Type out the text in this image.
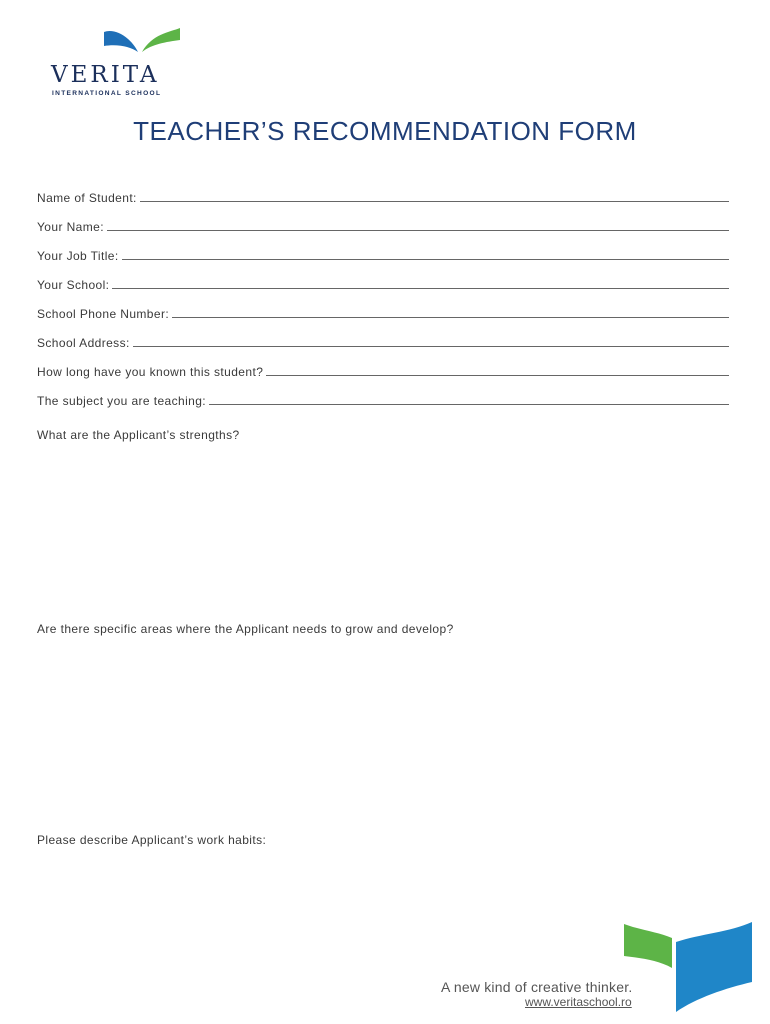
VERITA
INTERNATIONAL SCHOOL
TEACHER’S RECOMMENDATION FORM
Name of Student:
Your Name:
Your Job Title:
Your School:
School Phone Number:
School Address:
How long have you known this student?
The subject you are teaching:
What are the Applicant’s strengths?
Are there specific areas where the Applicant needs to grow and develop?
Please describe Applicant’s work habits:
A new kind of creative thinker.
www.veritaschool.ro
